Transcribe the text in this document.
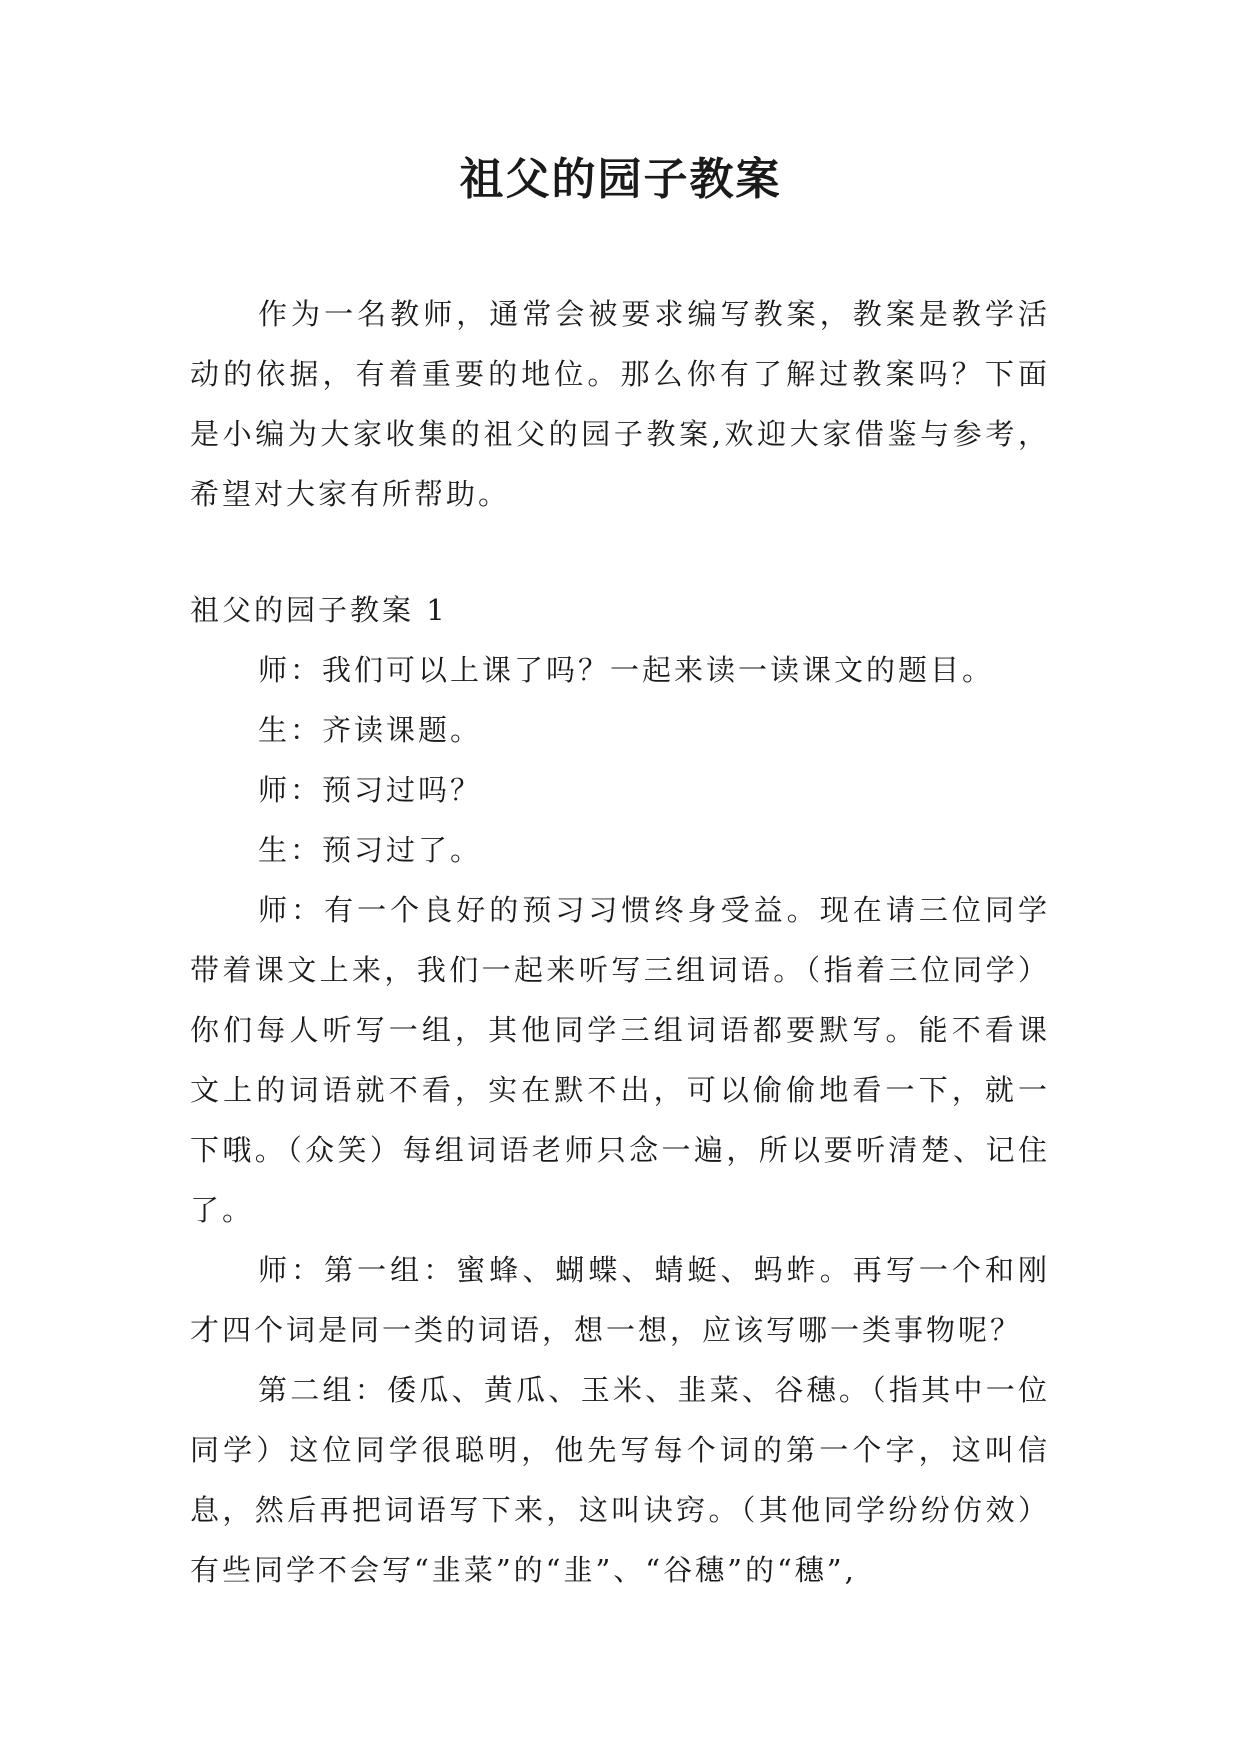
祖父的园子教案

作为一名教师，通常会被要求编写教案，教案是教学活动的依据，有着重要的地位。那么你有了解过教案吗？下面是小编为大家收集的祖父的园子教案,欢迎大家借鉴与参考，希望对大家有所帮助。

祖父的园子教案 1

师：我们可以上课了吗？一起来读一读课文的题目。

生：齐读课题。

师：预习过吗？

生：预习过了。

师：有一个良好的预习习惯终身受益。现在请三位同学带着课文上来，我们一起来听写三组词语。（指着三位同学）你们每人听写一组，其他同学三组词语都要默写。能不看课文上的词语就不看，实在默不出，可以偷偷地看一下，就一下哦。（众笑）每组词语老师只念一遍，所以要听清楚、记住了。

师：第一组：蜜蜂、蝴蝶、蜻蜓、蚂蚱。再写一个和刚才四个词是同一类的词语，想一想，应该写哪一类事物呢？

第二组：倭瓜、黄瓜、玉米、韭菜、谷穗。（指其中一位同学）这位同学很聪明，他先写每个词的第一个字，这叫信息，然后再把词语写下来，这叫诀窍。（其他同学纷纷仿效）有些同学不会写“韭菜”的“韭”、“谷穗”的“穗”,
